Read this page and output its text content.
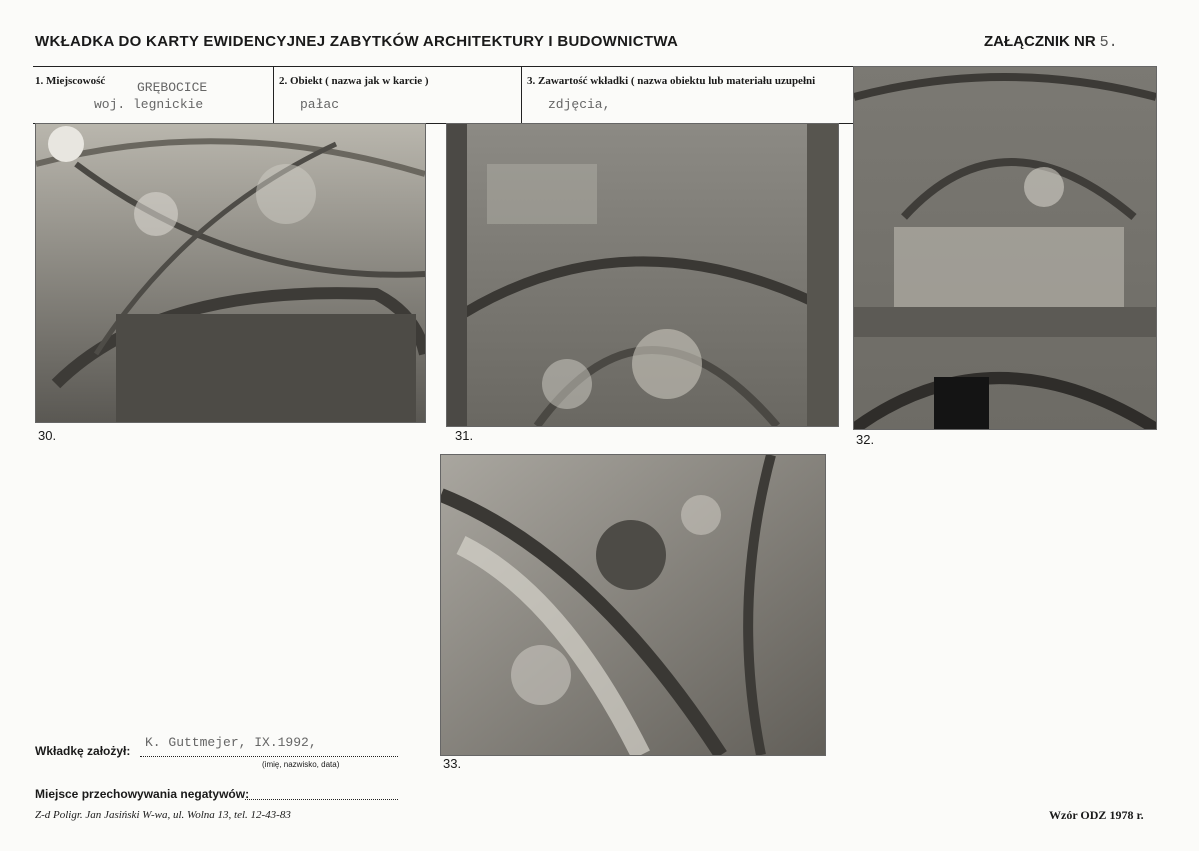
WKŁADKA DO KARTY EWIDENCYJNEJ ZABYTKÓW ARCHITEKTURY I BUDOWNICTWA	ZAŁĄCZNIK NR 5.
1. Miejscowość GRĘBOCICE
woj. legnickie
2. Obiekt ( nazwa jak w karcie )
pałac
3. Zawartość wkładki ( nazwa obiektu lub materiału uzupełni
zdjęcia,
30.	31.	32.
33.
Wkładkę założył:
K. Guttmejer, IX.1992,
(imię, nazwisko, data)
Miejsce przechowywania negatywów:
Z-d Poligr. Jan Jasiński W-wa, ul. Wolna 13, tel. 12-43-83	Wzór ODZ 1978 r.
